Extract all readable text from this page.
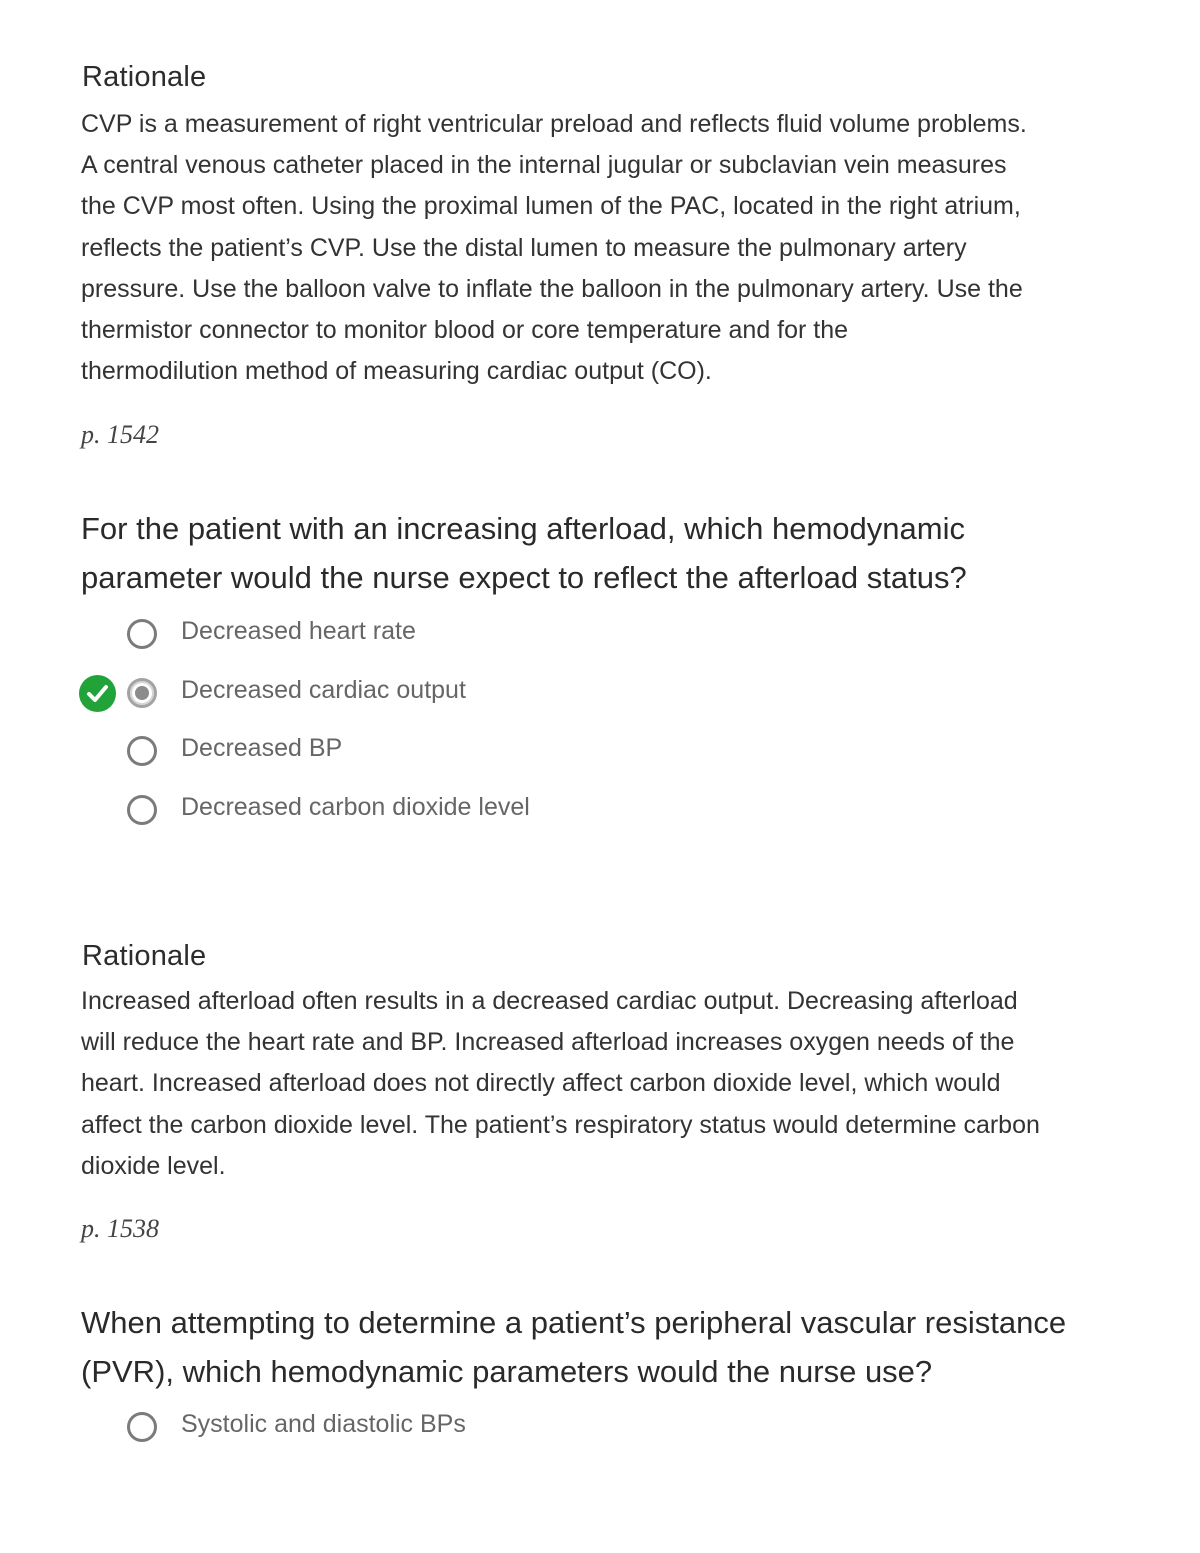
Rationale
CVP is a measurement of right ventricular preload and reflects fluid volume problems.
A central venous catheter placed in the internal jugular or subclavian vein measures
the CVP most often. Using the proximal lumen of the PAC, located in the right atrium,
reflects the patient’s CVP. Use the distal lumen to measure the pulmonary artery
pressure. Use the balloon valve to inflate the balloon in the pulmonary artery. Use the
thermistor connector to monitor blood or core temperature and for the
thermodilution method of measuring cardiac output (CO).
p. 1542
For the patient with an increasing afterload, which hemodynamic
parameter would the nurse expect to reflect the afterload status?
Decreased heart rate
Decreased cardiac output
Decreased BP
Decreased carbon dioxide level
Rationale
Increased afterload often results in a decreased cardiac output. Decreasing afterload
will reduce the heart rate and BP. Increased afterload increases oxygen needs of the
heart. Increased afterload does not directly affect carbon dioxide level, which would
affect the carbon dioxide level. The patient’s respiratory status would determine carbon
dioxide level.
p. 1538
When attempting to determine a patient’s peripheral vascular resistance
(PVR), which hemodynamic parameters would the nurse use?
Systolic and diastolic BPs
